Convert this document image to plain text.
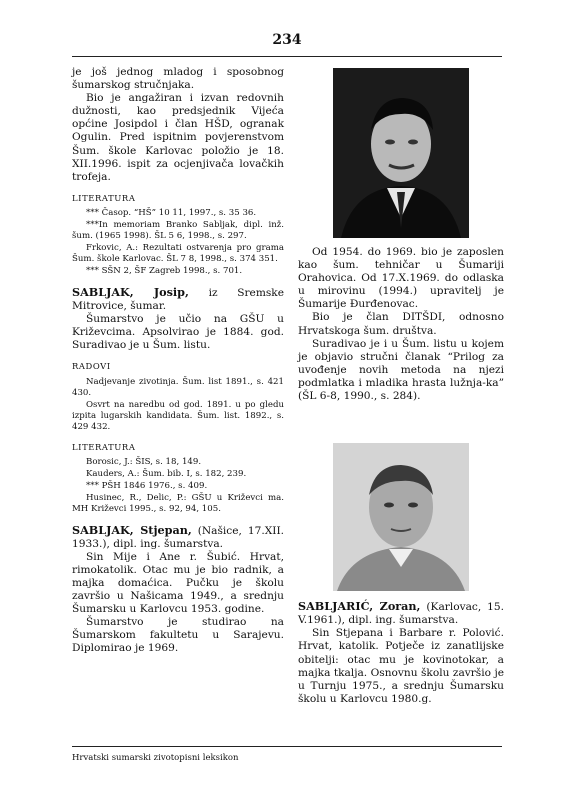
234

je još jednog mladog i sposobnog šumarskog stručnjaka.

Bio je angažiran i izvan redovnih dužnosti, kao predsjednik Vijeća općine Josipdol i član HŠD, ogranak Ogulin. Pred ispitnim povjerenstvom Šum. škole Karlovac položio je 18. XII.1996. ispit za ocjenjivača lovačkih trofeja.

LITERATURA

*** Časop. “HŠ” 10 11, 1997., s. 35 36.

***In memoriam Branko Sabljak, dipl. inž. šum. (1965 1998). ŠL 5 6, 1998., s. 297.

Frkovic, A.: Rezultati ostvarenja pro grama Šum. škole Karlovac. ŠL 7 8, 1998., s. 374 351.

*** SŠN 2, ŠF Zagreb 1998., s. 701.

SABLJAK, Josip, iz Sremske Mitrovice, šumar.

Šumarstvo je učio na GŠU u Križevcima. Apsolvirao je 1884. god. Suradivao je u Šum. listu.

RADOVI

Nadjevanje zivotinja. Šum. list 1891., s. 421 430.

Osvrt na naredbu od god. 1891. u po gledu izpita lugarskih kandidata. Šum. list. 1892., s. 429 432.

LITERATURA

Borosic, J.: ŠIS, s. 18, 149.

Kauders, A.: Šum. bib. I, s. 182, 239.

*** PŠH 1846 1976., s. 409.

Husinec, R., Delic, P.: GŠU u Križevci ma. MH Križevci 1995., s. 92, 94, 105.

SABLJAK, Stjepan, (Našice, 17.XII. 1933.), dipl. ing. šumarstva.

Sin Mije i Ane r. Šubić. Hrvat, rimokatolik. Otac mu je bio radnik, a majka domaćica. Pučku je školu završio u Našicama 1949., a srednju Šumarsku u Karlovcu 1953. godine.

Šumarstvo je studirao na Šumarskom fakultetu u Sarajevu. Diplomirao je 1969.

Od 1954. do 1969. bio je zaposlen kao šum. tehničar u Šumariji Orahovica. Od 17.X.1969. do odlaska u mirovinu (1994.) upravitelj je Šumarije Đurđenovac.

Bio je član DITŠDI, odnosno Hrvatskoga šum. društva.

Suradivao je i u Šum. listu u kojem je objavio stručni članak “Prilog za uvođenje novih metoda na njezi podmlatka i mladika hrasta lužnja-ka” (ŠL 6-8, 1990., s. 284).

SABLJARIĆ, Zoran, (Karlovac, 15. V.1961.), dipl. ing. šumarstva.

Sin Stjepana i Barbare r. Polović. Hrvat, katolik. Potječe iz zanatlijske obitelji: otac mu je kovinotokar, a majka tkalja. Osnovnu školu završio je u Turnju 1975., a srednju Šumarsku školu u Karlovcu 1980.g.

Hrvatski sumarski zivotopisni leksikon
